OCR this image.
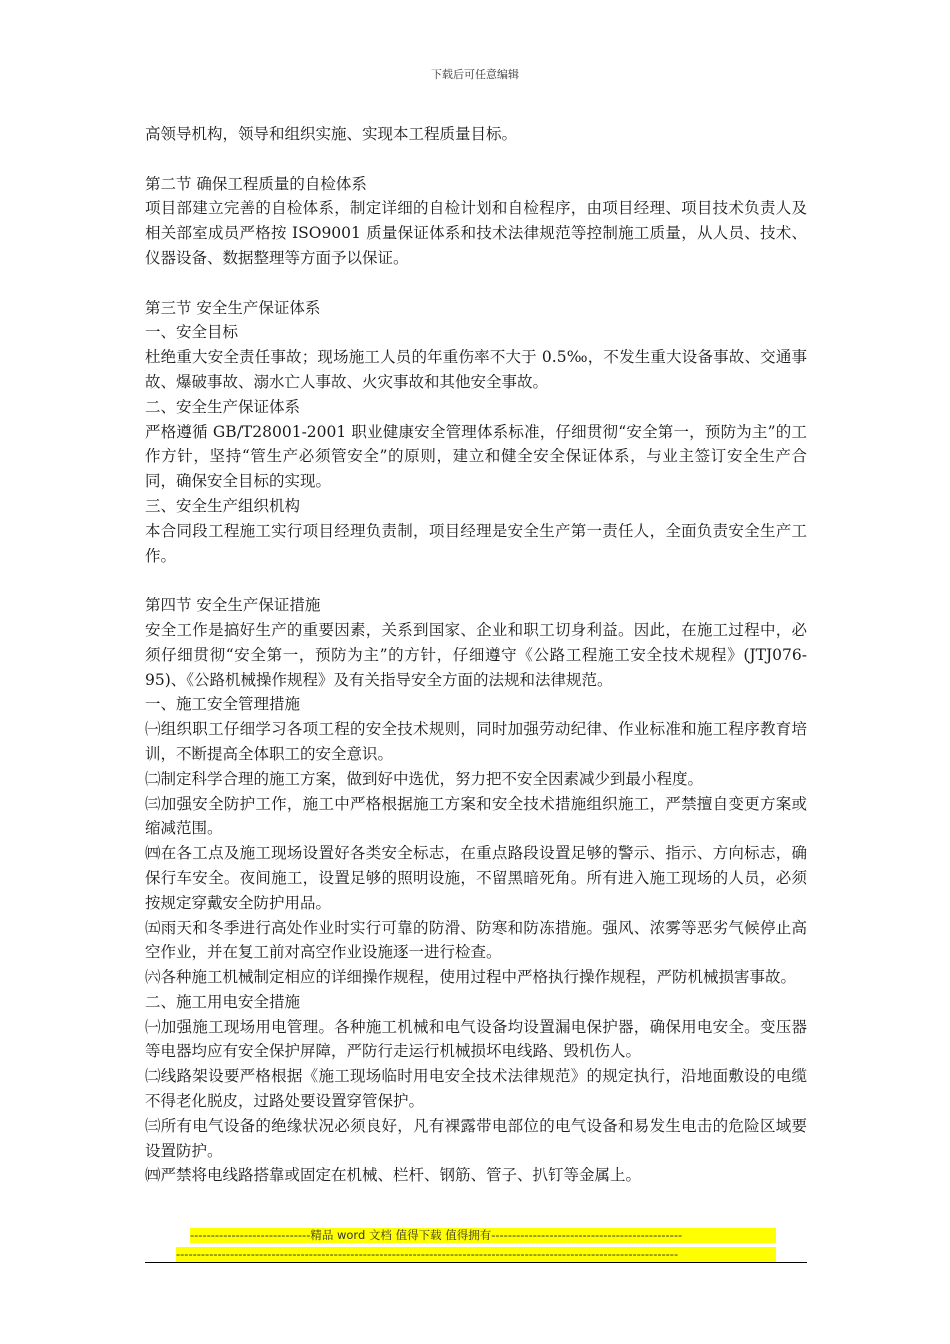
下载后可任意编辑

高领导机构，领导和组织实施、实现本工程质量目标。

第二节 确保工程质量的自检体系

项目部建立完善的自检体系，制定详细的自检计划和自检程序，由项目经理、项目技术负责人及相关部室成员严格按 ISO9001 质量保证体系和技术法律规范等控制施工质量，从人员、技术、仪器设备、数据整理等方面予以保证。

第三节 安全生产保证体系

一、安全目标

杜绝重大安全责任事故；现场施工人员的年重伤率不大于 0.5‰，不发生重大设备事故、交通事故、爆破事故、溺水亡人事故、火灾事故和其他安全事故。

二、安全生产保证体系

严格遵循 GB/T28001-2001 职业健康安全管理体系标准，仔细贯彻“安全第一，预防为主”的工作方针，坚持“管生产必须管安全”的原则，建立和健全安全保证体系，与业主签订安全生产合同，确保安全目标的实现。

三、安全生产组织机构

本合同段工程施工实行项目经理负责制，项目经理是安全生产第一责任人，全面负责安全生产工作。

第四节 安全生产保证措施

安全工作是搞好生产的重要因素，关系到国家、企业和职工切身利益。因此，在施工过程中，必须仔细贯彻“安全第一，预防为主”的方针，仔细遵守《公路工程施工安全技术规程》(JTJ076-95)、《公路机械操作规程》及有关指导安全方面的法规和法律规范。

一、施工安全管理措施

㈠组织职工仔细学习各项工程的安全技术规则，同时加强劳动纪律、作业标准和施工程序教育培训，不断提高全体职工的安全意识。

㈡制定科学合理的施工方案，做到好中选优，努力把不安全因素减少到最小程度。

㈢加强安全防护工作，施工中严格根据施工方案和安全技术措施组织施工，严禁擅自变更方案或缩减范围。

㈣在各工点及施工现场设置好各类安全标志，在重点路段设置足够的警示、指示、方向标志，确保行车安全。夜间施工，设置足够的照明设施，不留黑暗死角。所有进入施工现场的人员，必须按规定穿戴安全防护用品。

㈤雨天和冬季进行高处作业时实行可靠的防滑、防寒和防冻措施。强风、浓雾等恶劣气候停止高空作业，并在复工前对高空作业设施逐一进行检查。

㈥各种施工机械制定相应的详细操作规程，使用过程中严格执行操作规程，严防机械损害事故。

二、施工用电安全措施

㈠加强施工现场用电管理。各种施工机械和电气设备均设置漏电保护器，确保用电安全。变压器等电器均应有安全保护屏障，严防行走运行机械损坏电线路、毁机伤人。

㈡线路架设要严格根据《施工现场临时用电安全技术法律规范》的规定执行，沿地面敷设的电缆不得老化脱皮，过路处要设置穿管保护。

㈢所有电气设备的绝缘状况必须良好，凡有裸露带电部位的电气设备和易发生电击的危险区域要设置防护。

㈣严禁将电线路搭靠或固定在机械、栏杆、钢筋、管子、扒钉等金属上。

-----------------------------精品 word 文档 值得下载 值得拥有----------------------------------------------
-------------------------------------------------------------------------------------------------------------------------
